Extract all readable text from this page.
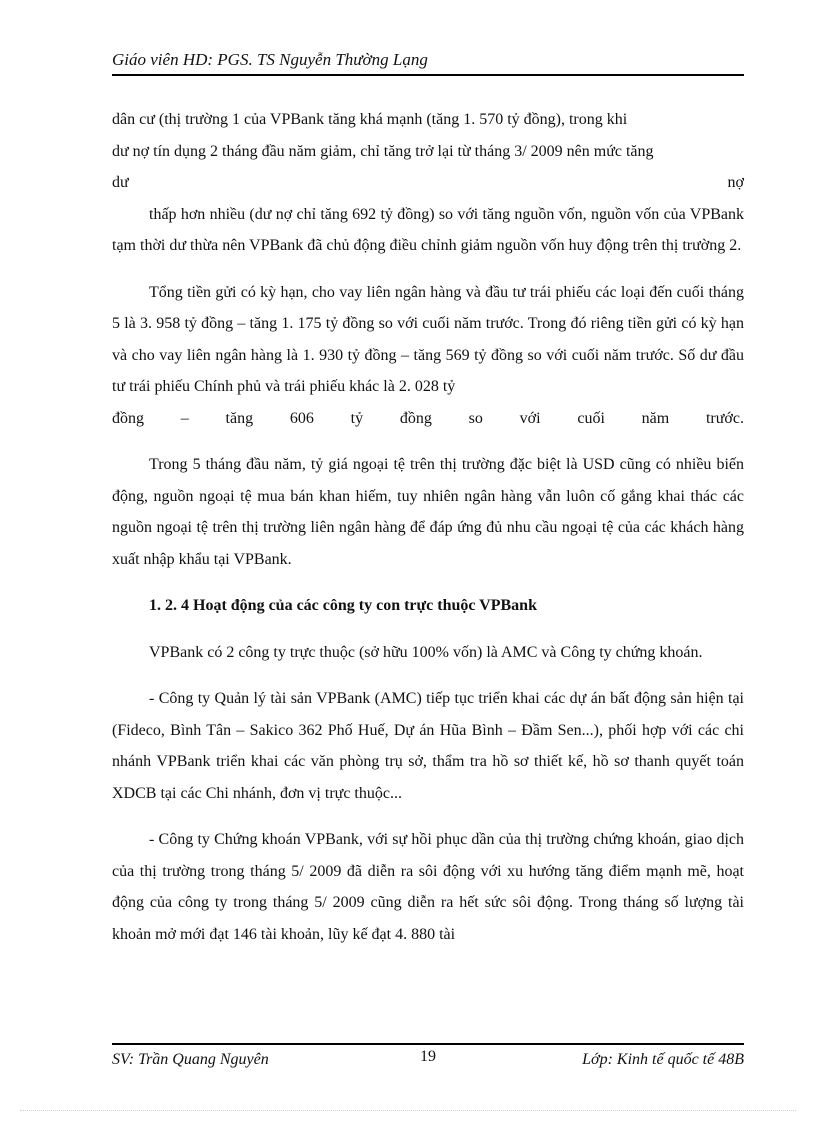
Giáo viên HD: PGS. TS Nguyễn Thường Lạng

dân cư (thị trường 1 của VPBank tăng khá mạnh (tăng 1. 570 tỷ đồng), trong khi

dư nợ tín dụng 2 tháng đầu năm giảm, chỉ tăng trở lại từ tháng 3/ 2009 nên mức tăng

dư	nợ

thấp hơn nhiều (dư nợ chỉ tăng 692 tỷ đồng) so với tăng nguồn vốn, nguồn vốn của VPBank tạm thời dư thừa nên VPBank đã chủ động điều chỉnh giảm nguồn vốn huy động trên thị trường 2.

Tổng tiền gửi có kỳ hạn, cho vay liên ngân hàng và đầu tư trái phiếu các loại đến cuối tháng 5 là 3. 958 tỷ đồng – tăng 1. 175 tỷ đồng so với cuối năm trước. Trong đó riêng tiền gửi có kỳ hạn và cho vay liên ngân hàng là 1. 930 tỷ đồng – tăng 569 tỷ đồng so với cuối năm trước. Số dư đầu tư trái phiếu Chính phủ và trái phiếu khác là 2. 028 tỷ

đồng – tăng 606 tỷ đồng so với cuối năm trước.

Trong 5 tháng đầu năm, tỷ giá ngoại tệ trên thị trường đặc biệt là USD cũng có nhiều biến động, nguồn ngoại tệ mua bán khan hiếm, tuy nhiên ngân hàng vẫn luôn cố gắng khai thác các nguồn ngoại tệ trên thị trường liên ngân hàng để đáp ứng đủ nhu cầu ngoại tệ của các khách hàng xuất nhập khẩu tại VPBank.

1. 2. 4 Hoạt động của các công ty con trực thuộc VPBank

VPBank có 2 công ty trực thuộc (sở hữu 100% vốn) là AMC và Công ty chứng khoán.

- Công ty Quản lý tài sản VPBank (AMC) tiếp tục triển khai các dự án bất động sản hiện tại (Fideco, Bình Tân – Sakico 362 Phố Huế, Dự án Hũa Bình – Đầm Sen...), phối hợp với các chi nhánh VPBank triển khai các văn phòng trụ sở, thẩm tra hồ sơ thiết kế, hồ sơ thanh quyết toán XDCB tại các Chi nhánh, đơn vị trực thuộc...

- Công ty Chứng khoán VPBank, với sự hồi phục dần của thị trường chứng khoán, giao dịch của thị trường trong tháng 5/ 2009 đã diễn ra sôi động với xu hướng tăng điểm mạnh mẽ, hoạt động của công ty trong tháng 5/ 2009 cũng diễn ra hết sức sôi động. Trong tháng số lượng tài khoản mở mới đạt 146 tài khoản, lũy kế đạt 4. 880 tài

SV: Trần Quang Nguyên	19	Lớp: Kinh tế quốc tế 48B
